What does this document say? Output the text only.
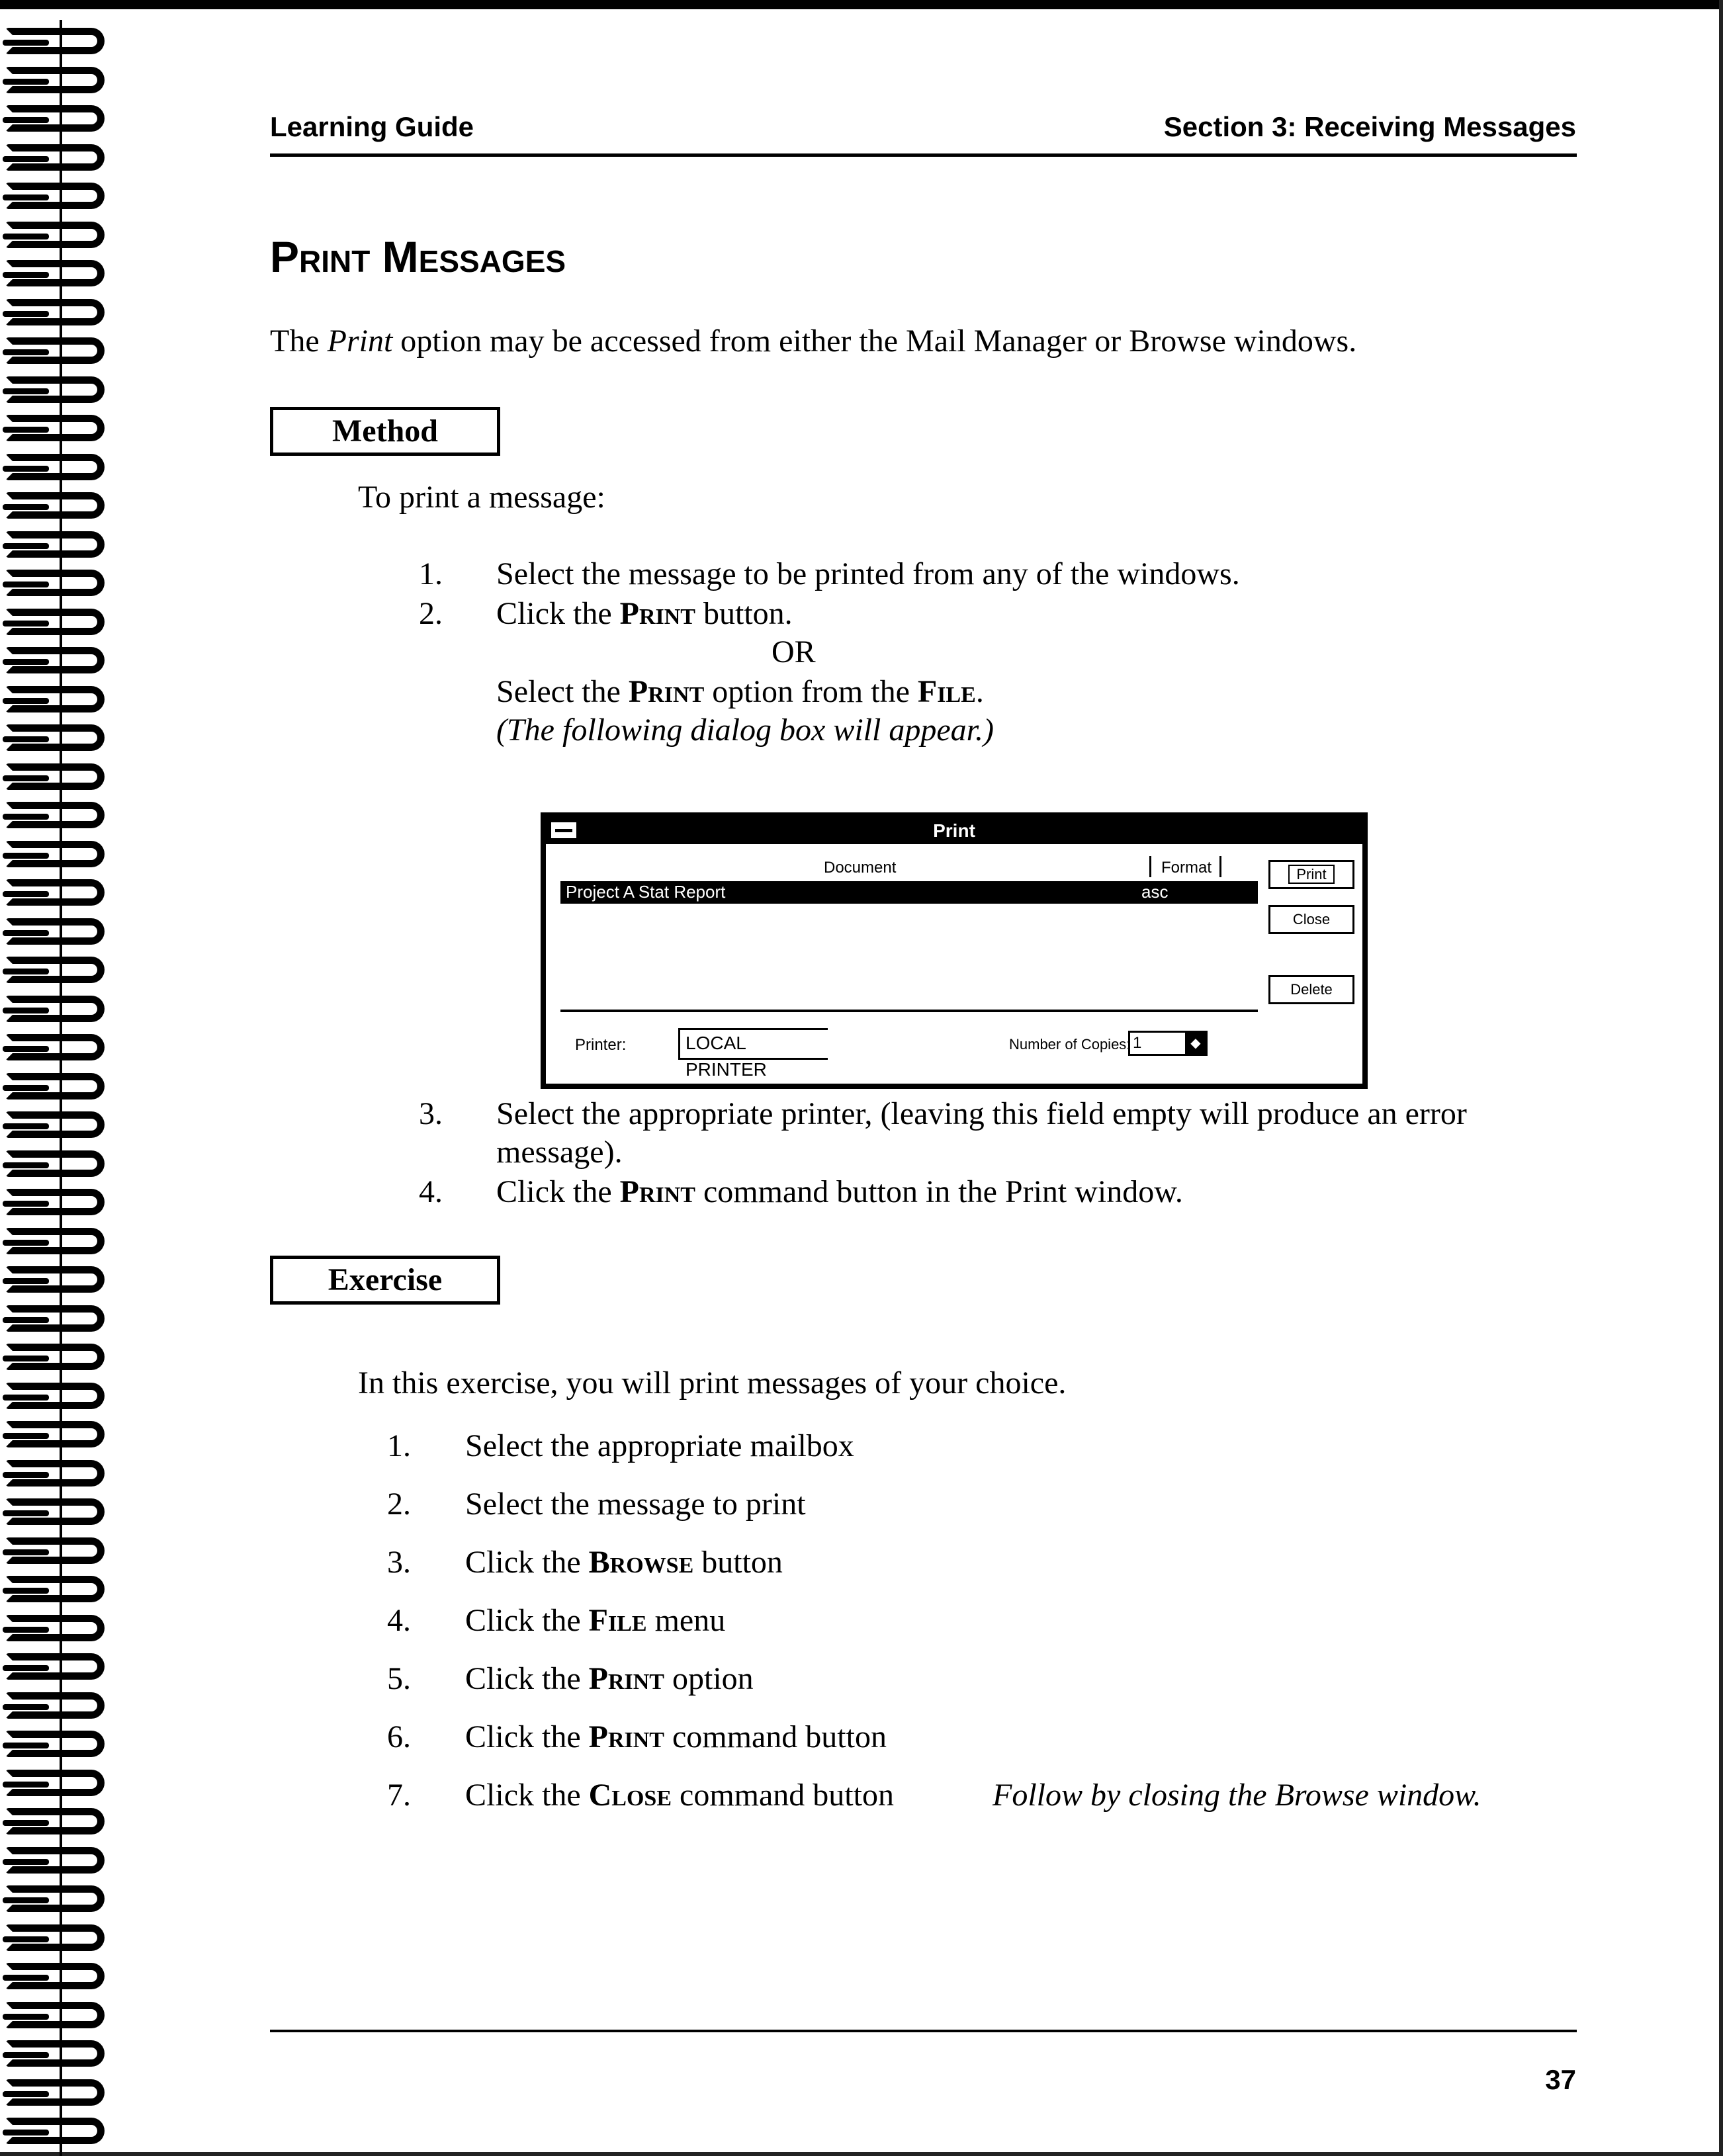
Learning Guide	Section 3: Receiving Messages
Print Messages

The Print option may be accessed from either the Mail Manager or Browse windows.

Method

To print a message:

1. Select the message to be printed from any of the windows.
2. Click the Print button.
OR
Select the Print option from the File.
(The following dialog box will appear.)
Print
Document	Format
Project A Stat Report	asc
Print
Close
Delete
Printer:	LOCAL PRINTER
Number of Copies: 1	◆
3. Select the appropriate printer, (leaving this field empty will produce an error
message).
4. Click the Print command button in the Print window.
Exercise

In this exercise, you will print messages of your choice.

1. Select the appropriate mailbox
2. Select the message to print
3. Click the Browse button
4. Click the File menu
5. Click the Print option
6. Click the Print command button
7. Click the Close command button	Follow by closing the Browse window.
37
